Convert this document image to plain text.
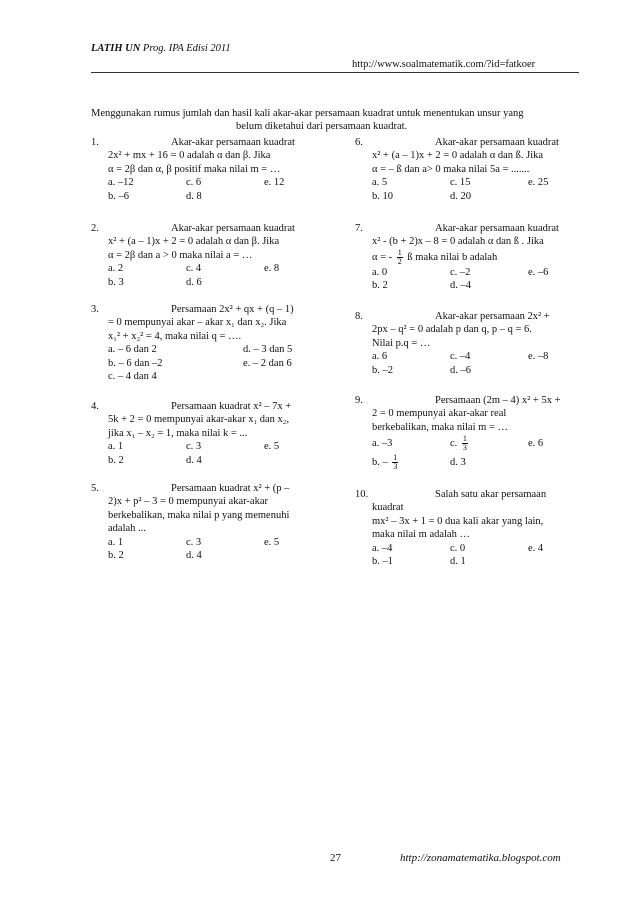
LATIH UN Prog. IPA Edisi 2011
http://www.soalmatematik.com/?id=fatkoer
Menggunakan rumus jumlah dan hasil kali akar-akar persamaan kuadrat untuk menentukan unsur yang
belum diketahui dari persamaan kuadrat.
1.	Akar-akar persamaan kuadrat
2x² + mx + 16 = 0 adalah α dan β. Jika
α = 2β dan α, β positif maka nilai m = …
a. –12	c. 6	e. 12
b. –6	d. 8
2.	Akar-akar persamaan kuadrat
x² + (a – 1)x + 2 = 0 adalah α dan β. Jika
α = 2β dan a > 0 maka nilai a = …
a. 2	c. 4	e. 8
b. 3	d. 6
3.	Persamaan 2x² + qx + (q – 1)
= 0 mempunyai akar – akar x₁ dan x₂. Jika
x₁² + x₂² = 4, maka nilai q = ….
a. – 6 dan 2	d. – 3 dan 5
b. – 6 dan –2	e. – 2 dan 6
c. – 4 dan 4
4.	Persamaan kuadrat x² – 7x +
5k + 2 = 0 mempunyai akar-akar x₁ dan x₂,
jika x₁ – x₂ = 1, maka nilai k = ...
a. 1	c. 3	e. 5
b. 2	d. 4
5.	Persamaan kuadrat x² + (p –
2)x + p² – 3 = 0 mempunyai akar-akar
berkebalikan, maka nilai p yang memenuhi
adalah ...
a. 1	c. 3	e. 5
b. 2	d. 4
6.	Akar-akar persamaan kuadrat
x² + (a – 1)x + 2 = 0 adalah α dan ß. Jika
α = – ß dan a> 0 maka nilai 5a = .......
a. 5	c. 15	e. 25
b. 10	d. 20
7.	Akar-akar persamaan kuadrat
x² - (b + 2)x – 8 = 0 adalah α dan ß . Jika
α = - $\frac{1}{2}$ ß maka nilai b adalah
a. 0	c. –2	e. –6
b. 2	d. –4
8.	Akar-akar persamaan 2x² +
2px – q² = 0 adalah p dan q, p – q = 6.
Nilai p.q = …
a. 6	c. –4	e. –8
b. –2	d. –6
9.	Persamaan (2m – 4) x² + 5x +
2 = 0 mempunyai akar-akar real
berkebalikan, maka nilai m = …
a. –3	c. $\frac{1}{3}$	e. 6
b. – $\frac{1}{3}$	d. 3
10.	Salah satu akar persamaan
kuadrat
mx² – 3x + 1 = 0 dua kali akar yang lain,
maka nilai m adalah …
a. –4	c. 0	e. 4
b. –1	d. 1
27	http://zonamatematika.blogspot.com
